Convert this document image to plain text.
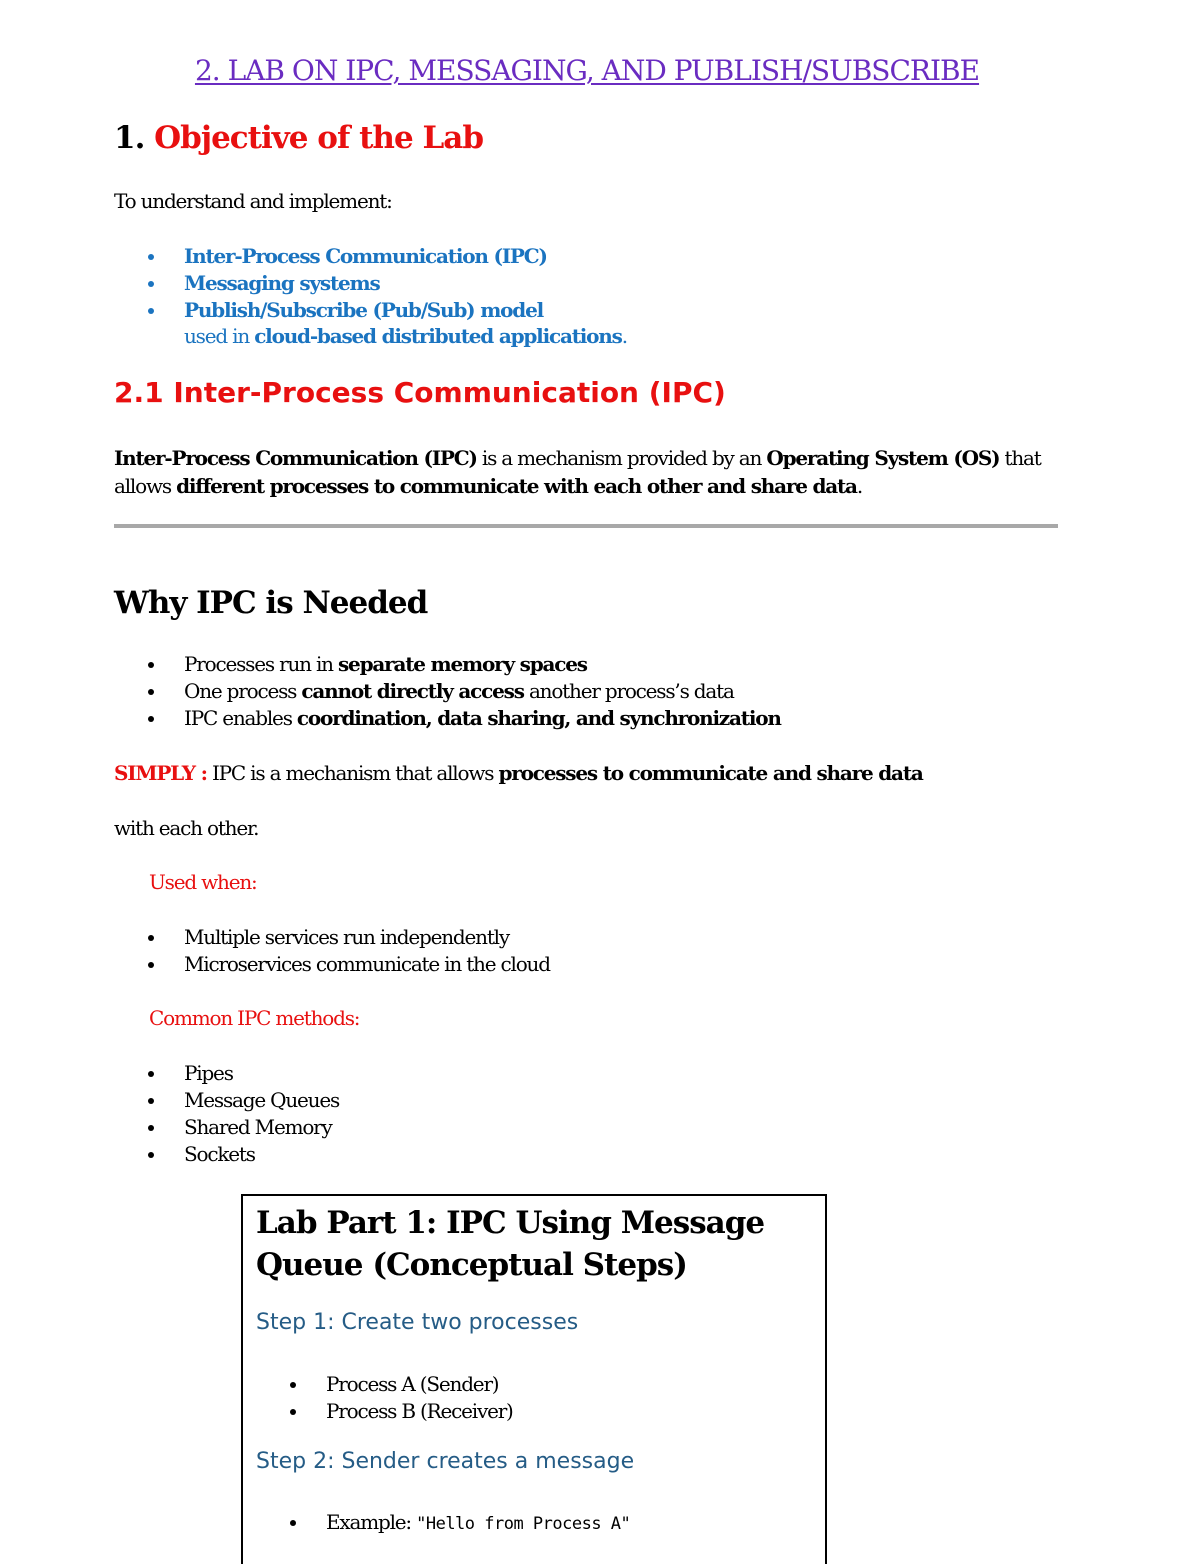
2. LAB ON IPC, MESSAGING, AND PUBLISH/SUBSCRIBE
1. Objective of the Lab
To understand and implement:
Inter-Process Communication (IPC)
Messaging systems
Publish/Subscribe (Pub/Sub) model
used in cloud-based distributed applications.
2.1 Inter-Process Communication (IPC)
Inter-Process Communication (IPC) is a mechanism provided by an Operating System (OS) that
allows different processes to communicate with each other and share data.
Why IPC is Needed
Processes run in separate memory spaces
One process cannot directly access another process’s data
IPC enables coordination, data sharing, and synchronization
SIMPLY : IPC is a mechanism that allows processes to communicate and share data
with each other.
Used when:
Multiple services run independently
Microservices communicate in the cloud
Common IPC methods:
Pipes
Message Queues
Shared Memory
Sockets
Lab Part 1: IPC Using Message Queue (Conceptual Steps)
Step 1: Create two processes
Process A (Sender)
Process B (Receiver)
Step 2: Sender creates a message
Example: "Hello from Process A"
